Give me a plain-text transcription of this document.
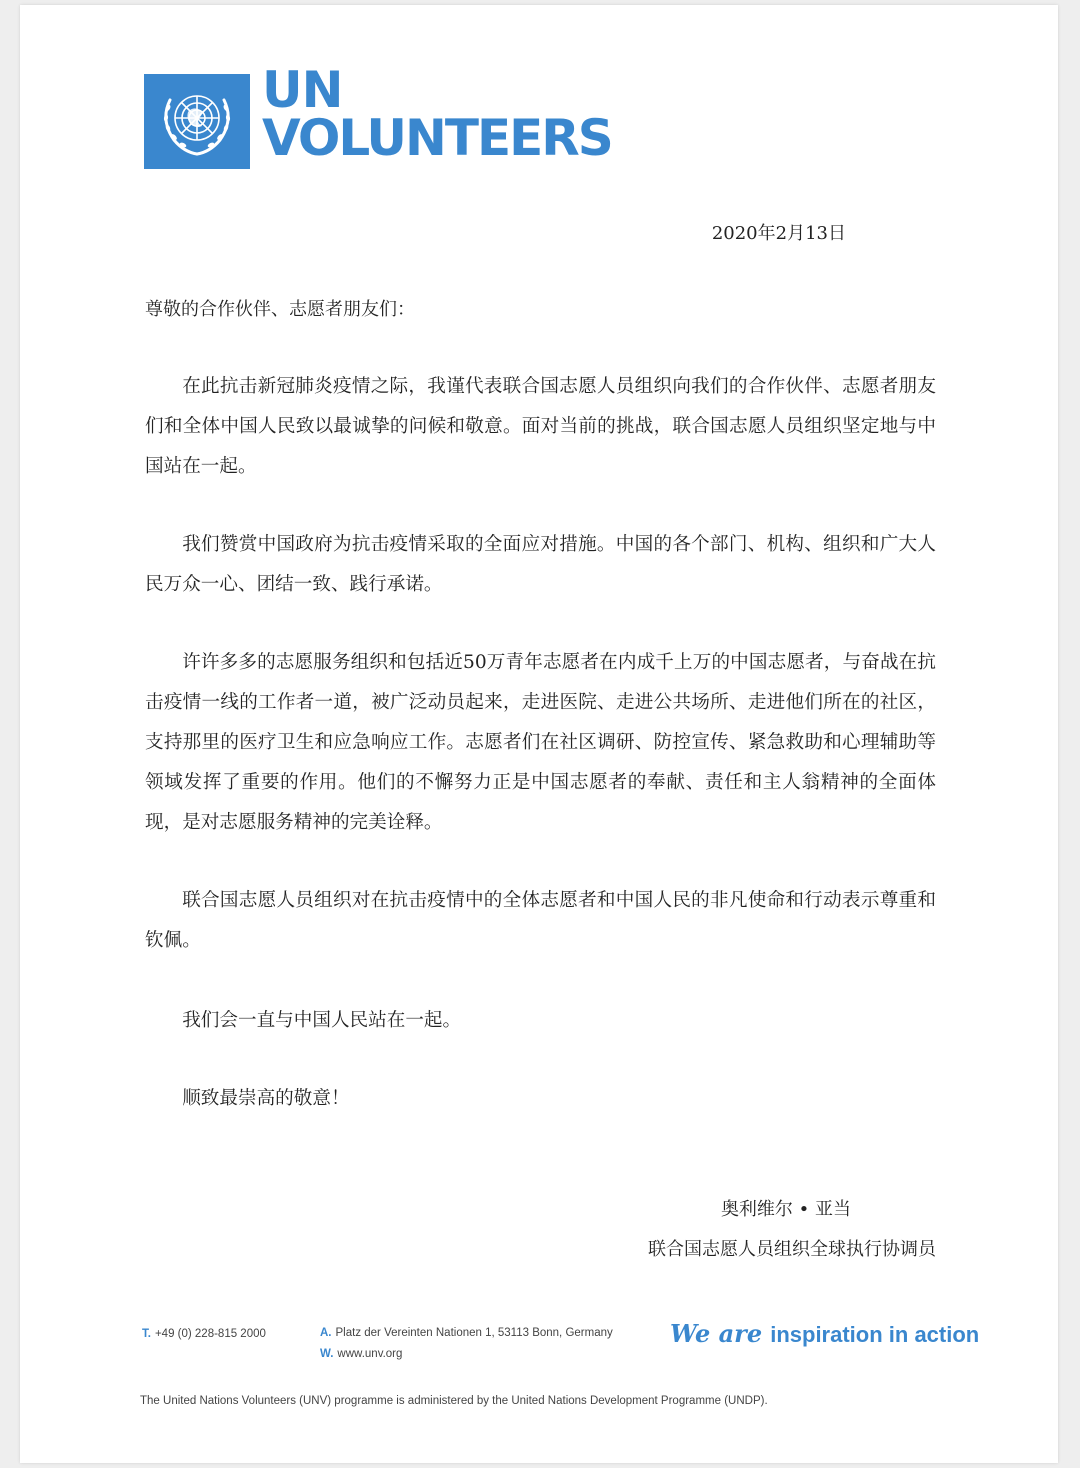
UN
VOLUNTEERS
2020年2月13日
尊敬的合作伙伴、志愿者朋友们：
在此抗击新冠肺炎疫情之际，我谨代表联合国志愿人员组织向我们的合作伙伴、志愿者朋友们和全体中国人民致以最诚挚的问候和敬意。面对当前的挑战，联合国志愿人员组织坚定地与中国站在一起。
我们赞赏中国政府为抗击疫情采取的全面应对措施。中国的各个部门、机构、组织和广大人民万众一心、团结一致、践行承诺。
许许多多的志愿服务组织和包括近50万青年志愿者在内成千上万的中国志愿者，与奋战在抗击疫情一线的工作者一道，被广泛动员起来，走进医院、走进公共场所、走进他们所在的社区，支持那里的医疗卫生和应急响应工作。志愿者们在社区调研、防控宣传、紧急救助和心理辅助等领域发挥了重要的作用。他们的不懈努力正是中国志愿者的奉献、责任和主人翁精神的全面体现，是对志愿服务精神的完美诠释。
联合国志愿人员组织对在抗击疫情中的全体志愿者和中国人民的非凡使命和行动表示尊重和钦佩。
我们会一直与中国人民站在一起。
顺致最崇高的敬意！
奥利维尔 • 亚当
联合国志愿人员组织全球执行协调员
T. +49 (0) 228-815 2000	A. Platz der Vereinten Nationen 1, 53113 Bonn, Germany
W. www.unv.org
We are inspiration in action
The United Nations Volunteers (UNV) programme is administered by the United Nations Development Programme (UNDP).
